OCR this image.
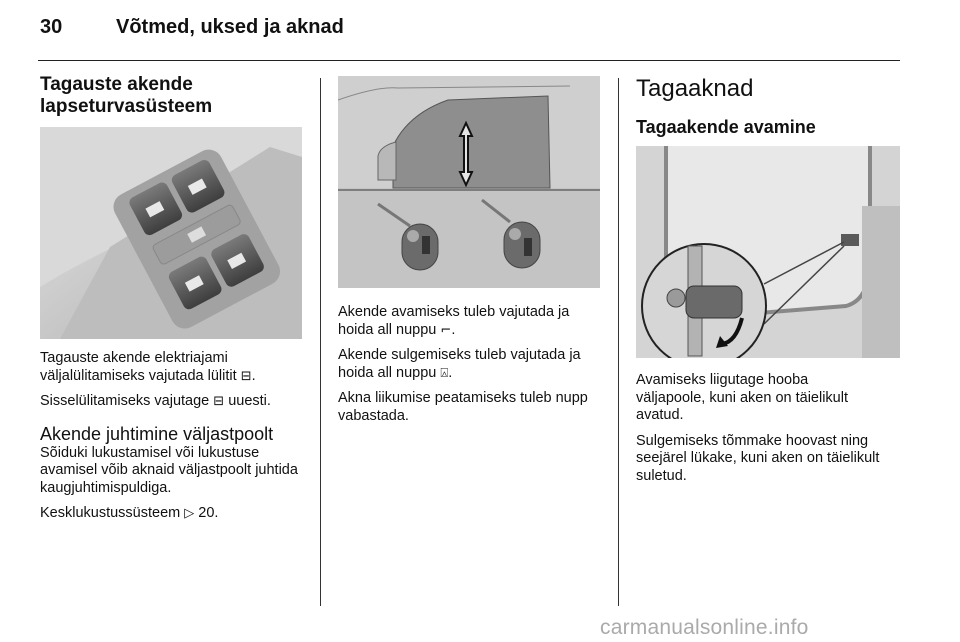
30	Võtmed, uksed ja aknad
Tagauste akende lapseturvasüsteem

Tagauste akende elektriajami väljalülitamiseks vajutada lülitit ⊟.

Sisselülitamiseks vajutage ⊟ uuesti.

Akende juhtimine väljastpoolt

Sõiduki lukustamisel või lukustuse avamisel võib aknaid väljastpoolt juhtida kaugjuhtimispuldiga.

Kesklukustussüsteem ▷ 20.

Akende avamiseks tuleb vajutada ja hoida all nuppu ⌐.

Akende sulgemiseks tuleb vajutada ja hoida all nuppu ⍓.

Akna liikumise peatamiseks tuleb nupp vabastada.

Tagaaknad
Tagaakende avamine

Avamiseks liigutage hooba väljapoole, kuni aken on täielikult avatud.

Sulgemiseks tõmmake hoovast ning seejärel lükake, kuni aken on täielikult suletud.

carmanualsonline.info
